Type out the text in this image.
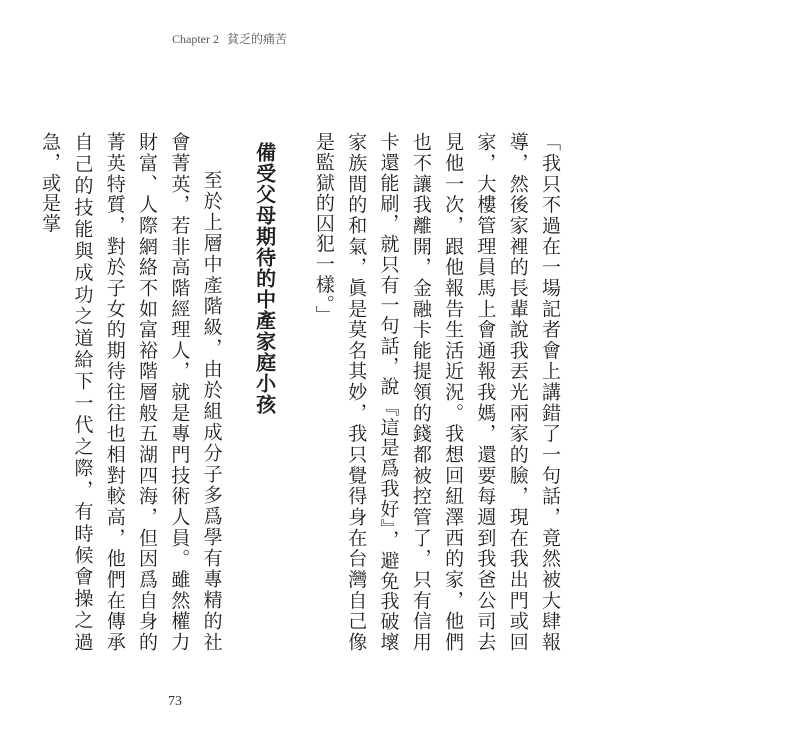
Chapter 2 貧乏的痛苦

「我只不過在一場記者會上講錯了一句話，竟然被大肆報導，然後家裡的長輩說我丟光兩家的臉，現在我出門或回家，大樓管理員馬上會通報我媽，還要每週到我爸公司去見他一次，跟他報告生活近況。我想回紐澤西的家，他們也不讓我離開，金融卡能提領的錢都被控管了，只有信用卡還能刷，就只有一句話，說『這是爲我好』，避免我破壞家族間的和氣，眞是莫名其妙，我只覺得身在台灣自己像是監獄的囚犯一樣。」

備受父母期待的中產家庭小孩

至於上層中產階級，由於組成分子多爲學有專精的社會菁英，若非高階經理人，就是專門技術人員。雖然權力財富、人際網絡不如富裕階層般五湖四海，但因爲自身的菁英特質，對於子女的期待往往也相對較高，他們在傳承自己的技能與成功之道給下一代之際，有時候會操之過急，或是掌

73
